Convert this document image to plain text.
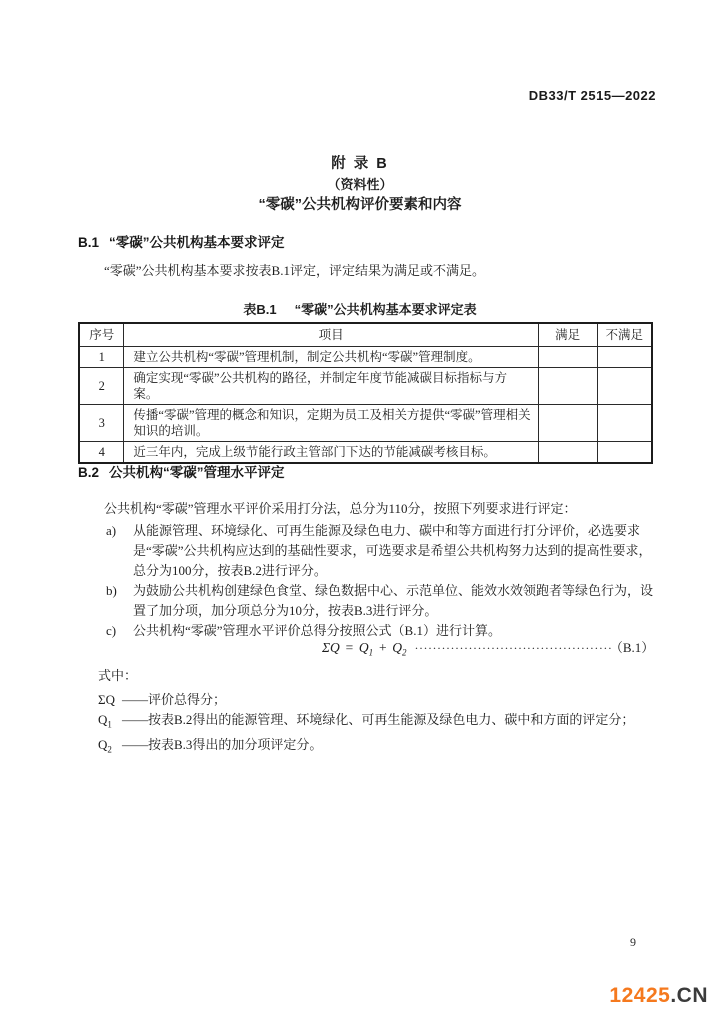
DB33/T 2515—2022
附 录 B
（资料性）
“零碳”公共机构评价要素和内容
B.1 “零碳”公共机构基本要求评定
“零碳”公共机构基本要求按表B.1评定，评定结果为满足或不满足。
表B.1 “零碳”公共机构基本要求评定表
序号	项目	满足	不满足
1	建立公共机构“零碳”管理机制，制定公共机构“零碳”管理制度。		
2	确定实现“零碳”公共机构的路径，并制定年度节能减碳目标指标与方案。		
3	传播“零碳”管理的概念和知识，定期为员工及相关方提供“零碳”管理相关知识的培训。		
4	近三年内，完成上级节能行政主管部门下达的节能减碳考核目标。		
B.2 公共机构“零碳”管理水平评定
公共机构“零碳”管理水平评价采用打分法，总分为110分，按照下列要求进行评定：
a)	从能源管理、环境绿化、可再生能源及绿色电力、碳中和等方面进行打分评价，必选要求是“零碳”公共机构应达到的基础性要求，可选要求是希望公共机构努力达到的提高性要求，总分为100分，按表B.2进行评分。
b)	为鼓励公共机构创建绿色食堂、绿色数据中心、示范单位、能效水效领跑者等绿色行为，设置了加分项，加分项总分为10分，按表B.3进行评分。
c)	公共机构“零碳”管理水平评价总得分按照公式（B.1）进行计算。
$\Sigma Q = Q_1 + Q_2$ ············································ （B.1）
式中：
ΣQ ——评价总得分；
$Q_1$ ——按表B.2得出的能源管理、环境绿化、可再生能源及绿色电力、碳中和方面的评定分；
$Q_2$ ——按表B.3得出的加分项评定分。
9
12425.CN
